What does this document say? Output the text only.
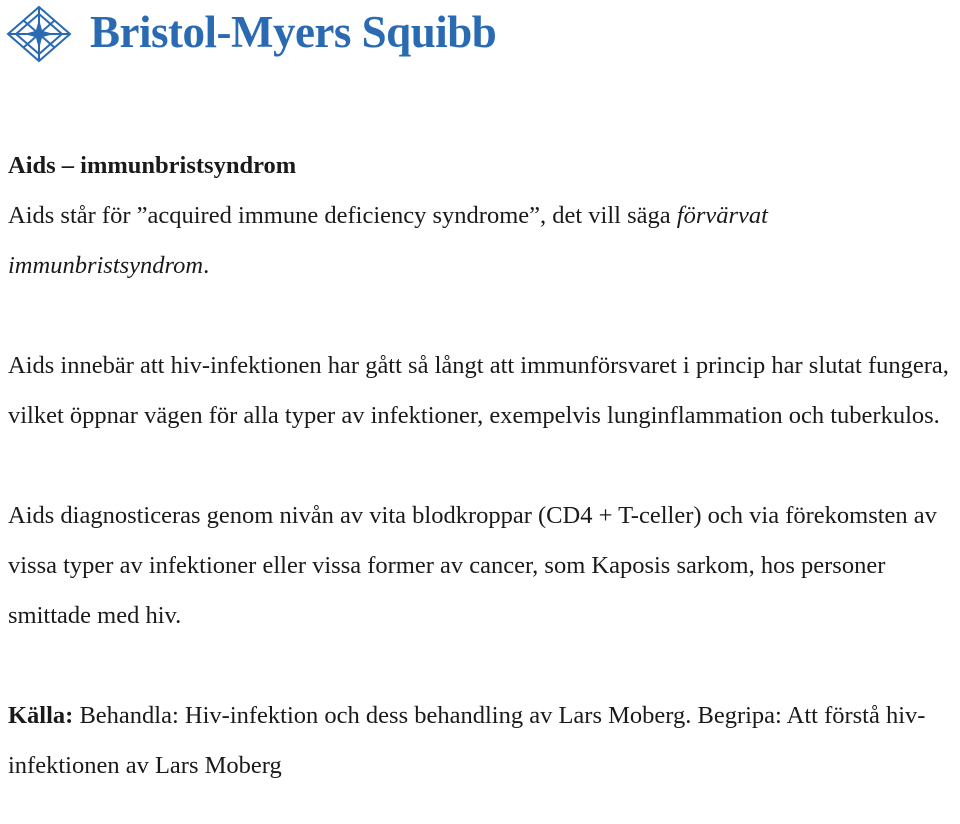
Bristol-Myers Squibb
Aids – immunbristsyndrom

Aids står för ”acquired immune deficiency syndrome”, det vill säga förvärvat immunbristsyndrom.

Aids innebär att hiv-infektionen har gått så långt att immunförsvaret i princip har slutat fungera, vilket öppnar vägen för alla typer av infektioner, exempelvis lunginflammation och tuberkulos.

Aids diagnosticeras genom nivån av vita blodkroppar (CD4 + T-celler) och via förekomsten av vissa typer av infektioner eller vissa former av cancer, som Kaposis sarkom, hos personer smittade med hiv.

Källa: Behandla: Hiv-infektion och dess behandling av Lars Moberg. Begripa: Att förstå hiv-infektionen av Lars Moberg
